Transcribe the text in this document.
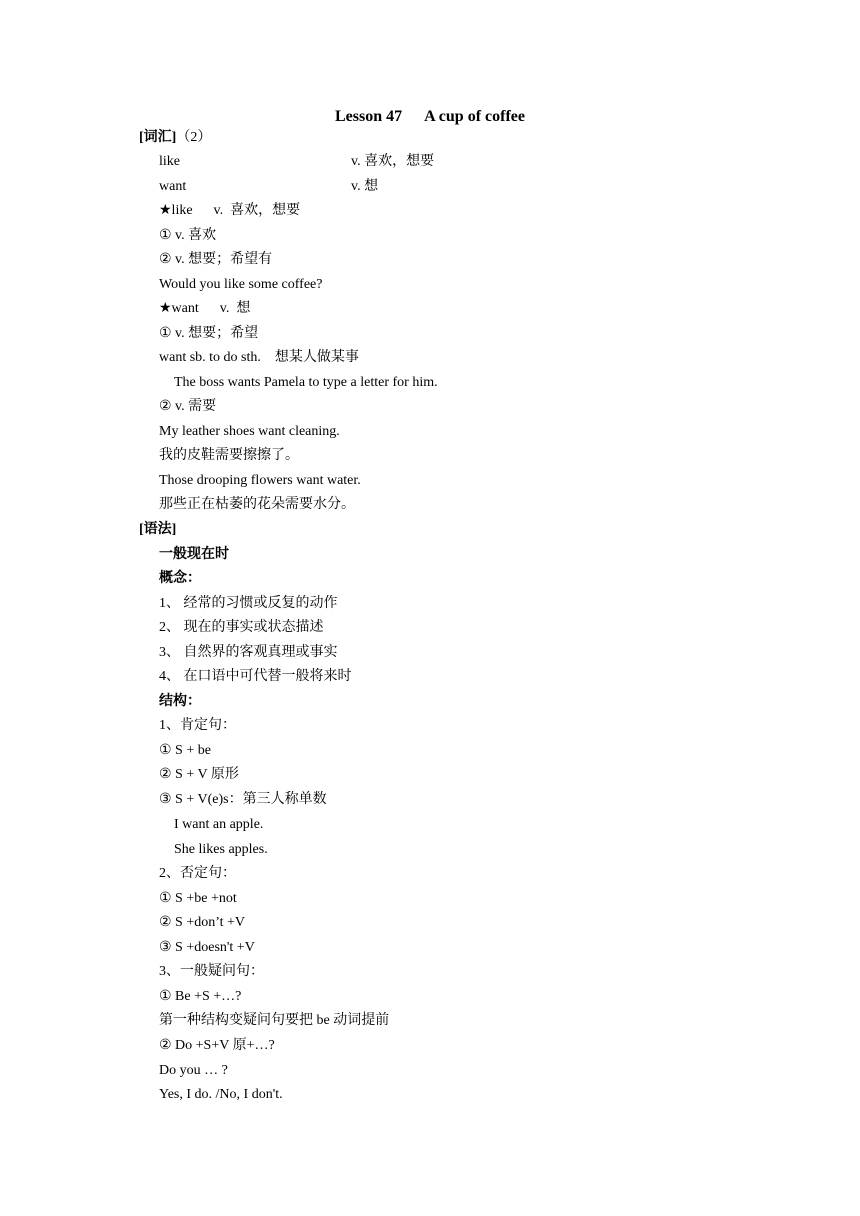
Lesson 47 A cup of coffee
[词汇]（2）
like	v. 喜欢，想要
want	v. 想
★like      v.  喜欢，想要
① v. 喜欢
② v. 想要；希望有
Would you like some coffee?
★want      v.  想
① v. 想要；希望
want sb. to do sth.    想某人做某事
The boss wants Pamela to type a letter for him.
② v. 需要
My leather shoes want cleaning.
我的皮鞋需要擦擦了。
Those drooping flowers want water.
那些正在枯萎的花朵需要水分。
[语法]
一般现在时
概念：
1、 经常的习惯或反复的动作
2、 现在的事实或状态描述
3、 自然界的客观真理或事实
4、 在口语中可代替一般将来时
结构：
1、肯定句：
① S + be
② S + V 原形
③ S + V(e)s：第三人称单数
I want an apple.
She likes apples.
2、否定句：
① S +be +not
② S +don’t +V
③ S +doesn't +V
3、一般疑问句：
① Be +S +…?
第一种结构变疑问句要把 be 动词提前
② Do +S+V 原+…?
Do you … ?
Yes, I do. /No, I don't.
